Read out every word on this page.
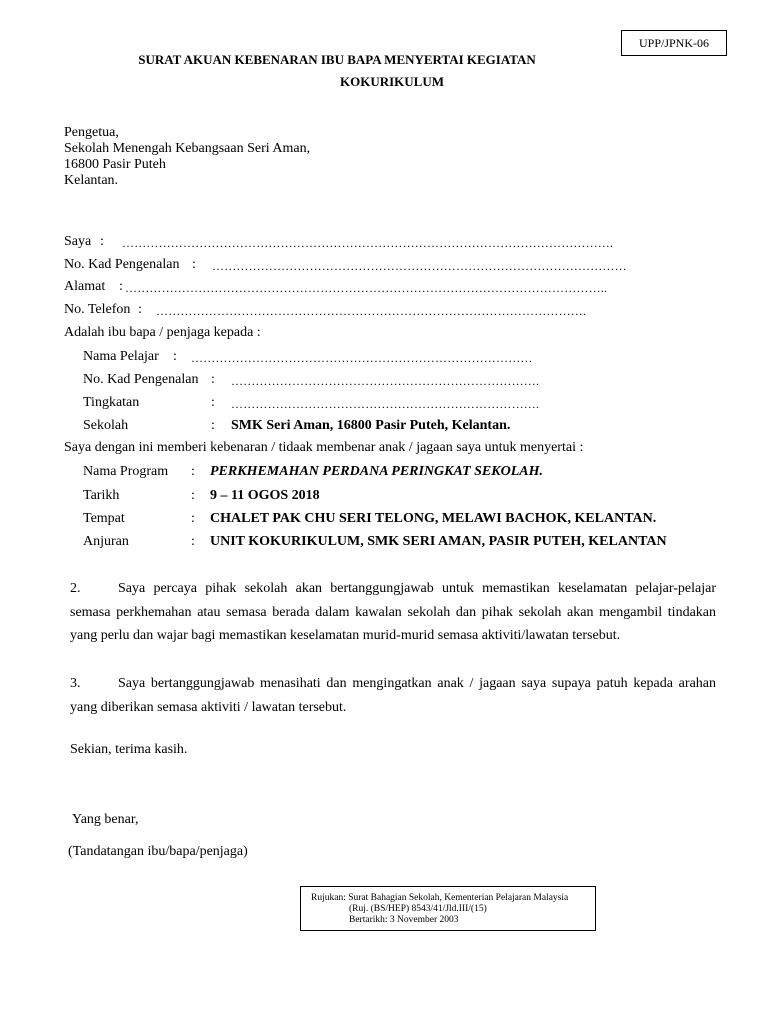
UPP/JPNK-06
SURAT AKUAN KEBENARAN IBU BAPA MENYERTAI KEGIATAN
KOKURIKULUM
Pengetua,
Sekolah Menengah Kebangsaan Seri Aman,
16800 Pasir Puteh
Kelantan.
Saya : ………………………………………………………………………………………………………….
No. Kad Pengenalan : …………………………………………………………………………………………
Alamat : ………………………………………………………………………………………………………..
No. Telefon : …………………………………………………………………………………………….
Adalah ibu bapa / penjaga kepada :
Nama Pelajar : …………………………………………………………………………
No. Kad Pengenalan : ………………………………………………………………….
Tingkatan	: ………………………………………………………………….
Sekolah	: SMK Seri Aman, 16800 Pasir Puteh, Kelantan.
Saya dengan ini memberi kebenaran / tidaak membenar anak / jagaan saya untuk menyertai :
Nama Program : PERKHEMAHAN PERDANA PERINGKAT SEKOLAH.
Tarikh	: 9 – 11 OGOS 2018
Tempat	: CHALET PAK CHU SERI TELONG, MELAWI BACHOK, KELANTAN.
Anjuran	: UNIT KOKURIKULUM, SMK SERI AMAN, PASIR PUTEH, KELANTAN
2.	Saya percaya pihak sekolah akan bertanggungjawab untuk memastikan keselamatan pelajar-pelajar semasa perkhemahan atau semasa berada dalam kawalan sekolah dan pihak sekolah akan mengambil tindakan yang perlu dan wajar bagi memastikan keselamatan murid-murid semasa aktiviti/lawatan tersebut.
3.	Saya bertanggungjawab menasihati dan mengingatkan anak / jagaan saya supaya patuh kepada arahan yang diberikan semasa aktiviti / lawatan tersebut.
Sekian, terima kasih.
Yang benar,
(Tandatangan ibu/bapa/penjaga)
Rujukan: Surat Bahagian Sekolah, Kementerian Pelajaran Malaysia
(Ruj. (BS/HEP) 8543/41/Jld.III/(15)
Bertarikh: 3 November 2003
